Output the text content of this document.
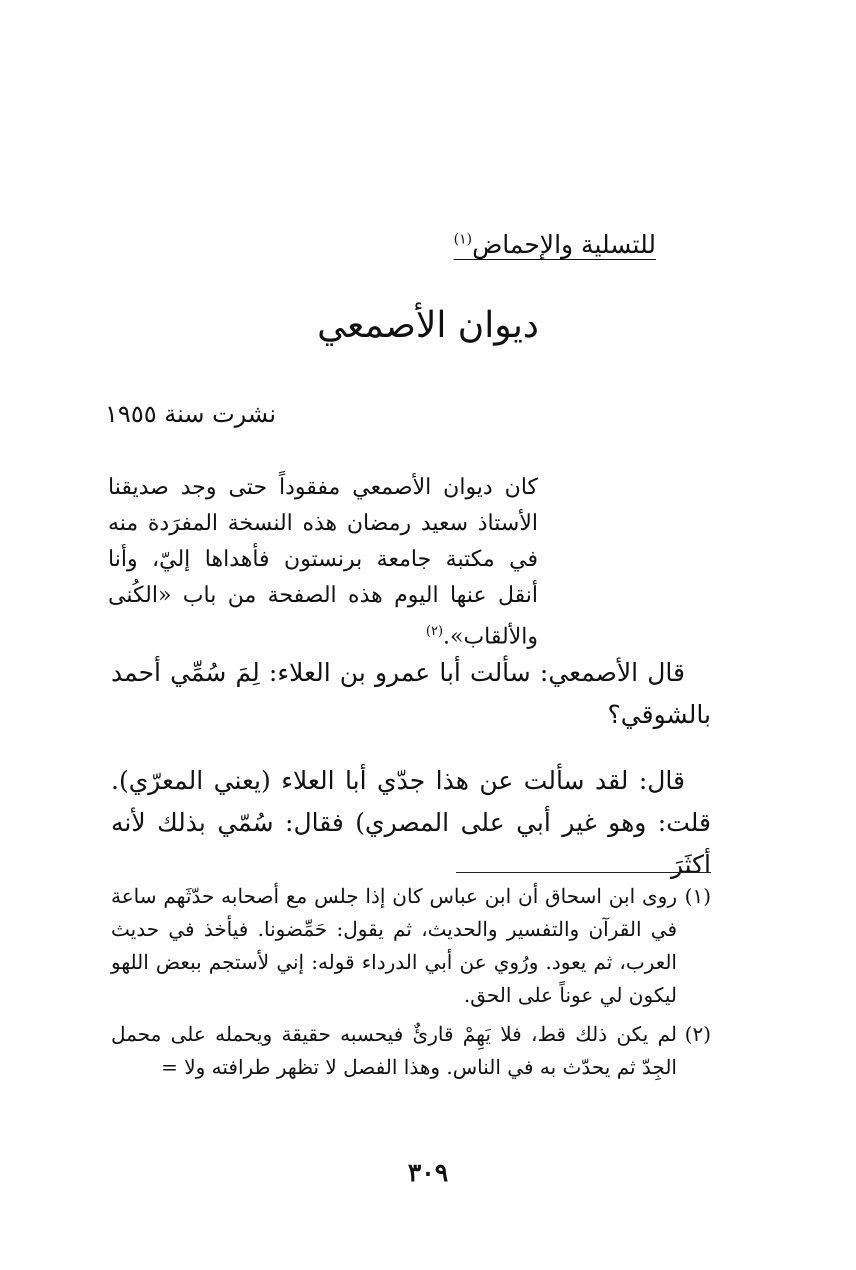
للتسلية والإحماض$^{(١)}$
ديوان الأصمعي
نشرت سنة ١٩٥٥
كان ديوان الأصمعي مفقوداً حتى وجد صديقنا الأستاذ سعيد رمضان هذه النسخة المفرَدة منه في مكتبة جامعة برنستون فأهداها إليّ، وأنا أنقل عنها اليوم هذه الصفحة من باب «الكُنى والألقاب».$^{(٢)}$
قال الأصمعي: سألت أبا عمرو بن العلاء: لِمَ سُمِّي أحمد بالشوقي؟
قال: لقد سألت عن هذا جدّي أبا العلاء (يعني المعرّي). قلت: وهو غير أبي على المصري) فقال: سُمّي بذلك لأنه أكثَرَ
(١)روى ابن اسحاق أن ابن عباس كان إذا جلس مع أصحابه حدّثَهم ساعة في القرآن والتفسير والحديث، ثم يقول: حَمِّضونا. فيأخذ في حديث العرب، ثم يعود. ورُوي عن أبي الدرداء قوله: إني لأستجم ببعض اللهو ليكون لي عوناً على الحق.
(٢)لم يكن ذلك قط، فلا يَهِمْ قارئٌ فيحسبه حقيقة ويحمله على محمل الجِدّ ثم يحدّث به في الناس. وهذا الفصل لا تظهر طرافته ولا =
٣٠٩
